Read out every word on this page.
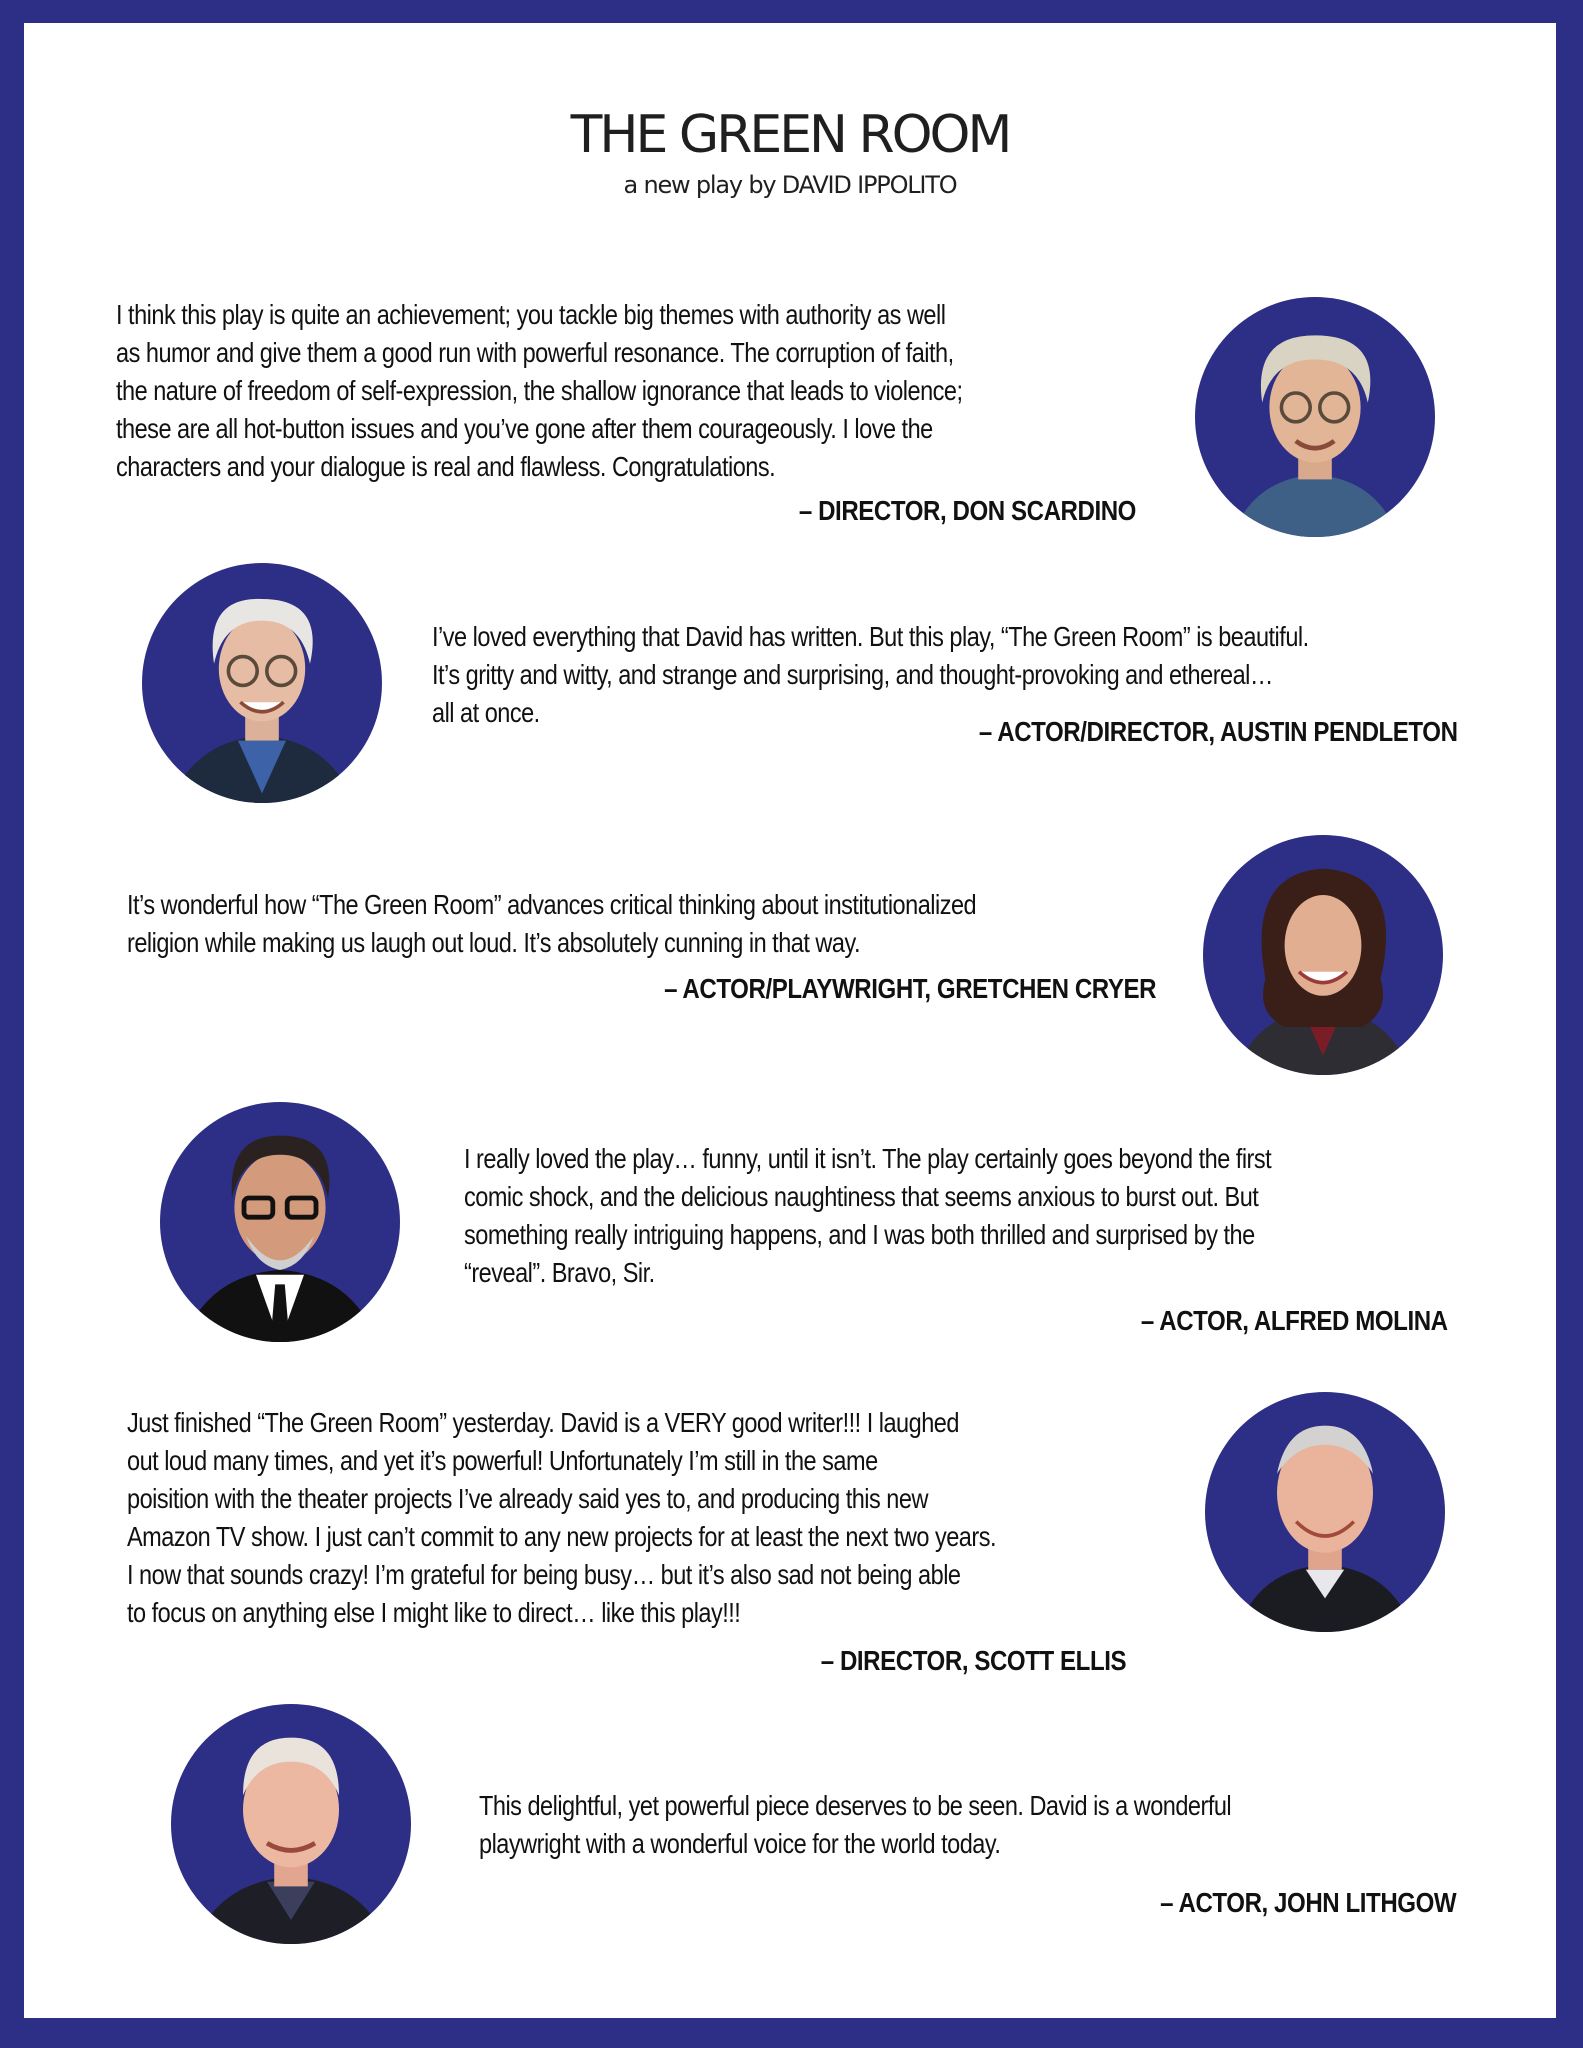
THE GREEN ROOM
a new play by DAVID IPPOLITO

I think this play is quite an achievement; you tackle big themes with authority as well
as humor and give them a good run with powerful resonance. The corruption of faith,
the nature of freedom of self-expression, the shallow ignorance that leads to violence;
these are all hot-button issues and you’ve gone after them courageously. I love the
characters and your dialogue is real and flawless. Congratulations.

– DIRECTOR, DON SCARDINO

I’ve loved everything that David has written. But this play, “The Green Room” is beautiful.
It’s gritty and witty, and strange and surprising, and thought-provoking and ethereal…
all at once.

– ACTOR/DIRECTOR, AUSTIN PENDLETON

It’s wonderful how “The Green Room” advances critical thinking about institutionalized
religion while making us laugh out loud. It’s absolutely cunning in that way.

– ACTOR/PLAYWRIGHT, GRETCHEN CRYER

I really loved the play… funny, until it isn’t. The play certainly goes beyond the first
comic shock, and the delicious naughtiness that seems anxious to burst out. But
something really intriguing happens, and I was both thrilled and surprised by the
“reveal”. Bravo, Sir.

– ACTOR, ALFRED MOLINA

Just finished “The Green Room” yesterday. David is a VERY good writer!!! I laughed
out loud many times, and yet it’s powerful! Unfortunately I’m still in the same
poisition with the theater projects I’ve already said yes to, and producing this new
Amazon TV show. I just can’t commit to any new projects for at least the next two years.
I now that sounds crazy! I’m grateful for being busy… but it’s also sad not being able
to focus on anything else I might like to direct… like this play!!!

– DIRECTOR, SCOTT ELLIS

This delightful, yet powerful piece deserves to be seen. David is a wonderful
playwright with a wonderful voice for the world today.

– ACTOR, JOHN LITHGOW
